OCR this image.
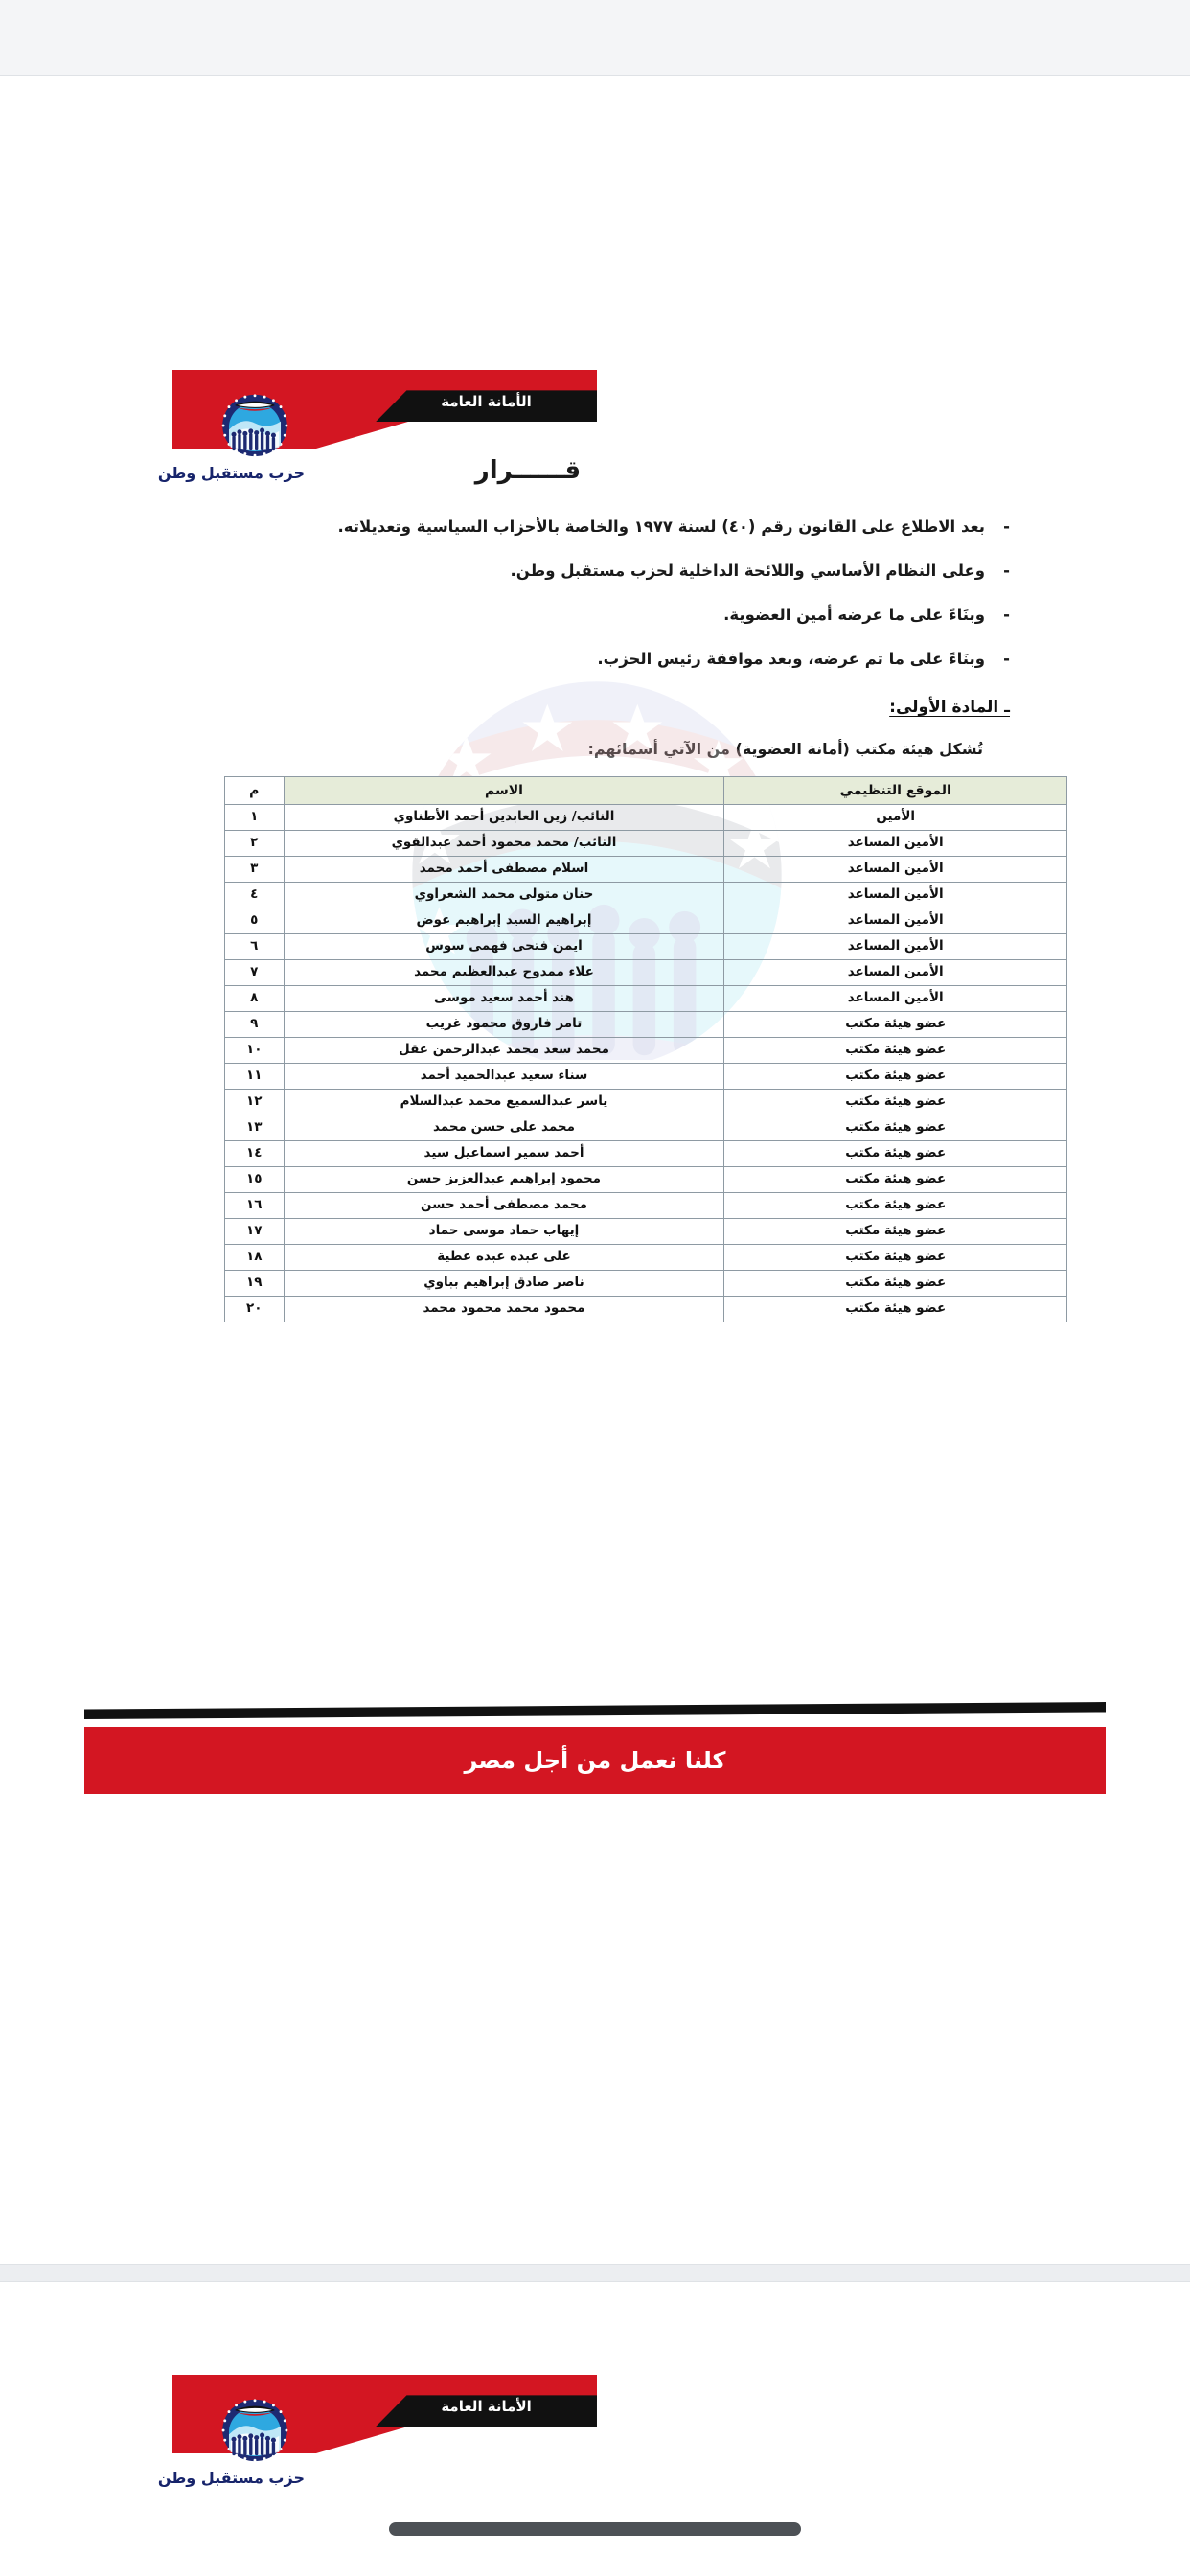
الأمانة العامة
حزب مستقبل وطن	قــــــرار
-بعد الاطلاع على القانون رقم (٤٠) لسنة ١٩٧٧ والخاصة بالأحزاب السياسية وتعديلاته.
-وعلى النظام الأساسي واللائحة الداخلية لحزب مستقبل وطن.
-وبنَاءً على ما عرضه أمين العضوية.
-وبنَاءً على ما تم عرضه، وبعد موافقة رئيس الحزب.
ـ المادة الأولى:
تُشكل هيئة مكتب (أمانة العضوية) من الآتي أسمائهم:
الموقع التنظيمي	الاسم	م
الأمين	النائب/ زين العابدين أحمد الأطناوي	١
الأمين المساعد	النائب/ محمد محمود أحمد عبدالقوي	٢
الأمين المساعد	اسلام مصطفى أحمد محمد	٣
الأمين المساعد	حنان متولى محمد الشعراوي	٤
الأمين المساعد	إبراهيم السيد إبراهيم عوض	٥
الأمين المساعد	ايمن فتحى فهمى سوس	٦
الأمين المساعد	علاء ممدوح عبدالعظيم محمد	٧
الأمين المساعد	هند أحمد سعيد موسى	٨
عضو هيئة مكتب	تامر فاروق محمود غريب	٩
عضو هيئة مكتب	محمد سعد محمد عبدالرحمن عقل	١٠
عضو هيئة مكتب	سناء سعيد عبدالحميد أحمد	١١
عضو هيئة مكتب	ياسر عبدالسميع محمد عبدالسلام	١٢
عضو هيئة مكتب	محمد على حسن محمد	١٣
عضو هيئة مكتب	أحمد سمير اسماعيل سيد	١٤
عضو هيئة مكتب	محمود إبراهيم عبدالعزيز حسن	١٥
عضو هيئة مكتب	محمد مصطفى أحمد حسن	١٦
عضو هيئة مكتب	إيهاب حماد موسى حماد	١٧
عضو هيئة مكتب	على عبده عبده عطية	١٨
عضو هيئة مكتب	ناصر صادق إبراهيم بباوي	١٩
عضو هيئة مكتب	محمود محمد محمود محمد	٢٠
كلنا نعمل من أجل مصر
الأمانة العامة
حزب مستقبل وطن
